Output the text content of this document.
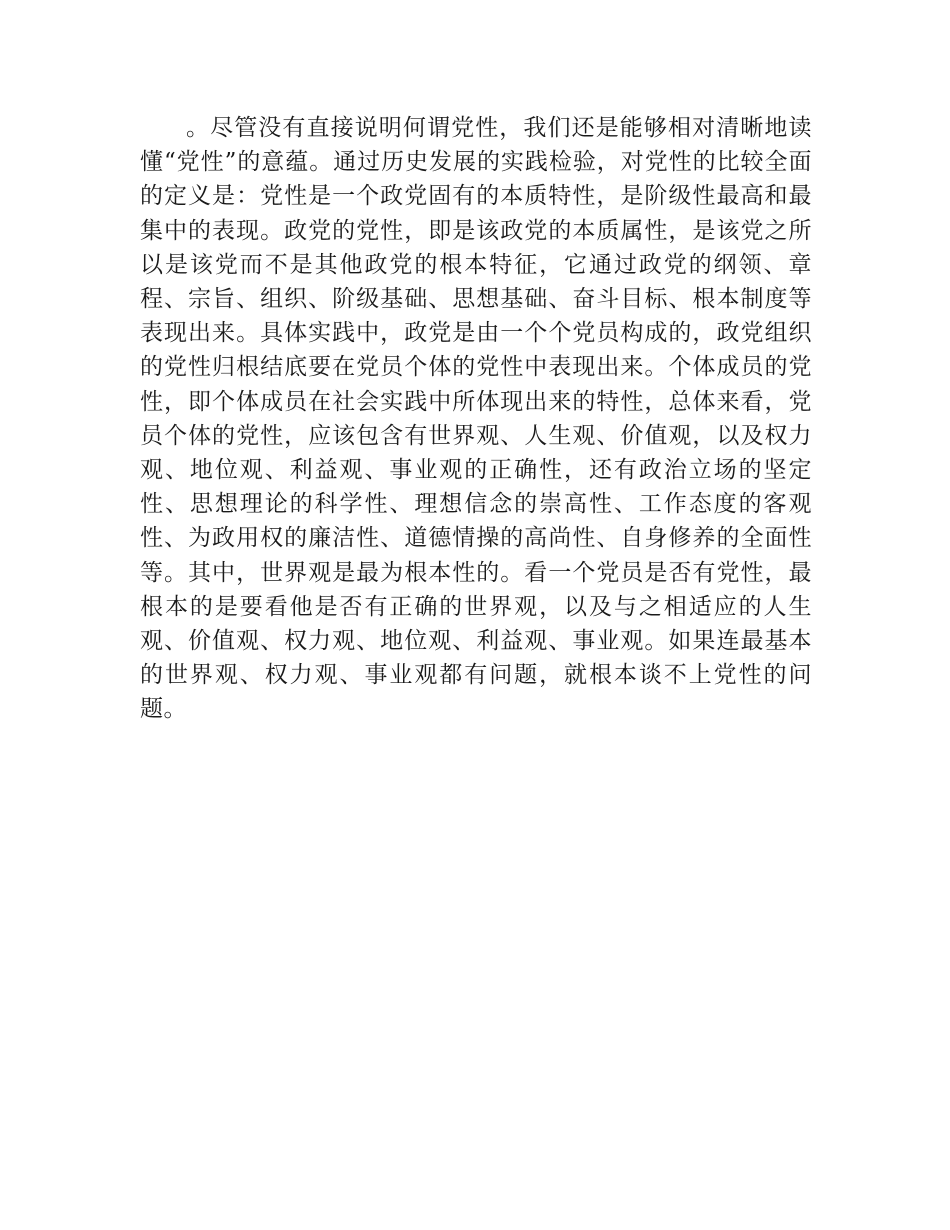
。尽管没有直接说明何谓党性，我们还是能够相对清晰地读懂“党性”的意蕴。通过历史发展的实践检验，对党性的比较全面的定义是：党性是一个政党固有的本质特性，是阶级性最高和最集中的表现。政党的党性，即是该政党的本质属性，是该党之所以是该党而不是其他政党的根本特征，它通过政党的纲领、章程、宗旨、组织、阶级基础、思想基础、奋斗目标、根本制度等表现出来。具体实践中，政党是由一个个党员构成的，政党组织的党性归根结底要在党员个体的党性中表现出来。个体成员的党性，即个体成员在社会实践中所体现出来的特性，总体来看，党员个体的党性，应该包含有世界观、人生观、价值观，以及权力观、地位观、利益观、事业观的正确性，还有政治立场的坚定性、思想理论的科学性、理想信念的崇高性、工作态度的客观性、为政用权的廉洁性、道德情操的高尚性、自身修养的全面性等。其中，世界观是最为根本性的。看一个党员是否有党性，最根本的是要看他是否有正确的世界观，以及与之相适应的人生观、价值观、权力观、地位观、利益观、事业观。如果连最基本的世界观、权力观、事业观都有问题，就根本谈不上党性的问题。
